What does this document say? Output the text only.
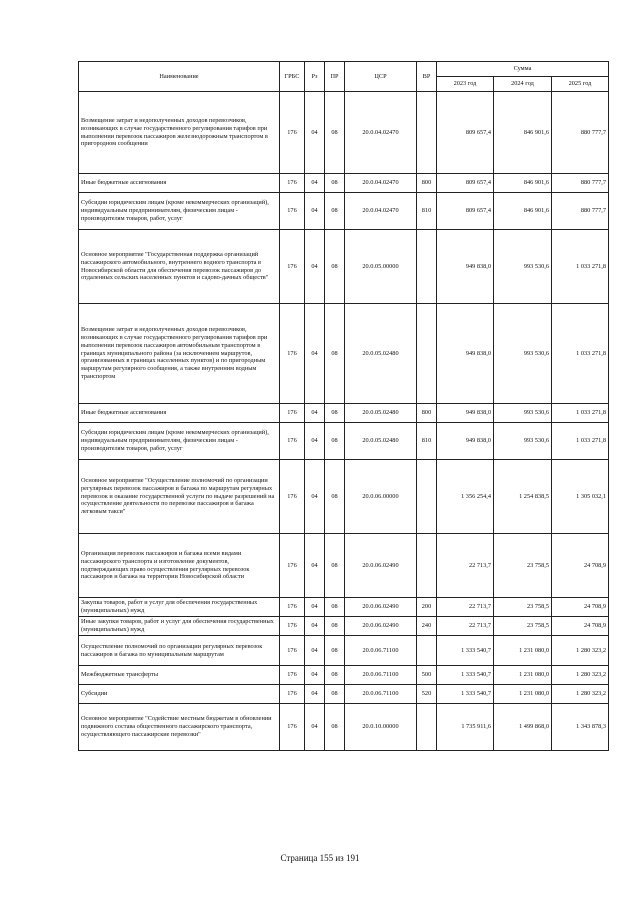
Наименование	ГРБС	Рз	ПР	ЦСР	ВР	Сумма		
						2023 год	2024 год	2025 год
Возмещение затрат и недополученных доходов перевозчиков, возникающих в случае государственного регулирования тарифов при выполнении перевозок пассажиров железнодорожным транспортом в пригородном сообщении	176	04	08	20.0.04.02470		809 657,4	846 901,6	880 777,7
Иные бюджетные ассигнования	176	04	08	20.0.04.02470	800	809 657,4	846 901,6	880 777,7
Субсидии юридическим лицам (кроме некоммерческих организаций), индивидуальным предпринимателям, физическим лицам - производителям товаров, работ, услуг	176	04	08	20.0.04.02470	810	809 657,4	846 901,6	880 777,7
Основное мероприятие "Государственная поддержка организаций пассажирского автомобильного, внутреннего водного транспорта в Новосибирской области для обеспечения перевозок пассажиров до отдаленных сельских населенных пунктов и садово-дачных обществ"	176	04	08	20.0.05.00000		949 838,0	993 530,6	1 033 271,8
Возмещение затрат и недополученных доходов перевозчиков, возникающих в случае государственного регулирования тарифов при выполнении перевозок пассажиров автомобильным транспортом в границах муниципального района (за исключением маршрутов, организованных в границах населенных пунктов) и по пригородным маршрутам регулярного сообщения, а также внутренним водным транспортом	176	04	08	20.0.05.02480		949 838,0	993 530,6	1 033 271,8
Иные бюджетные ассигнования	176	04	08	20.0.05.02480	800	949 838,0	993 530,6	1 033 271,8
Субсидии юридическим лицам (кроме некоммерческих организаций), индивидуальным предпринимателям, физическим лицам - производителям товаров, работ, услуг	176	04	08	20.0.05.02480	810	949 838,0	993 530,6	1 033 271,8
Основное мероприятие "Осуществление полномочий по организации регулярных перевозок пассажиров и багажа по маршрутам регулярных перевозок и оказание государственной услуги по выдаче разрешений на осуществление деятельности по перевозке пассажиров и багажа легковым такси"	176	04	08	20.0.06.00000		1 356 254,4	1 254 838,5	1 305 032,1
Организация перевозок пассажиров и багажа всеми видами пассажирского транспорта и изготовление документов, подтверждающих право осуществления регулярных перевозок пассажиров и багажа на территории Новосибирской области	176	04	08	20.0.06.02490		22 713,7	23 758,5	24 708,9
Закупка товаров, работ и услуг для обеспечения государственных (муниципальных) нужд	176	04	08	20.0.06.02490	200	22 713,7	23 758,5	24 708,9
Иные закупки товаров, работ и услуг для обеспечения государственных (муниципальных) нужд	176	04	08	20.0.06.02490	240	22 713,7	23 758,5	24 708,9
Осуществление полномочий по организации регулярных перевозок пассажиров и багажа по муниципальным маршрутам	176	04	08	20.0.06.71100		1 333 540,7	1 231 080,0	1 280 323,2
Межбюджетные трансферты	176	04	08	20.0.06.71100	500	1 333 540,7	1 231 080,0	1 280 323,2
Субсидии	176	04	08	20.0.06.71100	520	1 333 540,7	1 231 080,0	1 280 323,2
Основное мероприятие "Содействие местным бюджетам в обновлении подвижного состава общественного пассажирского транспорта, осуществляющего пассажирские перевозки"	176	04	08	20.0.10.00000		1 735 911,6	1 499 868,0	1 343 878,3
Страница 155 из 191
